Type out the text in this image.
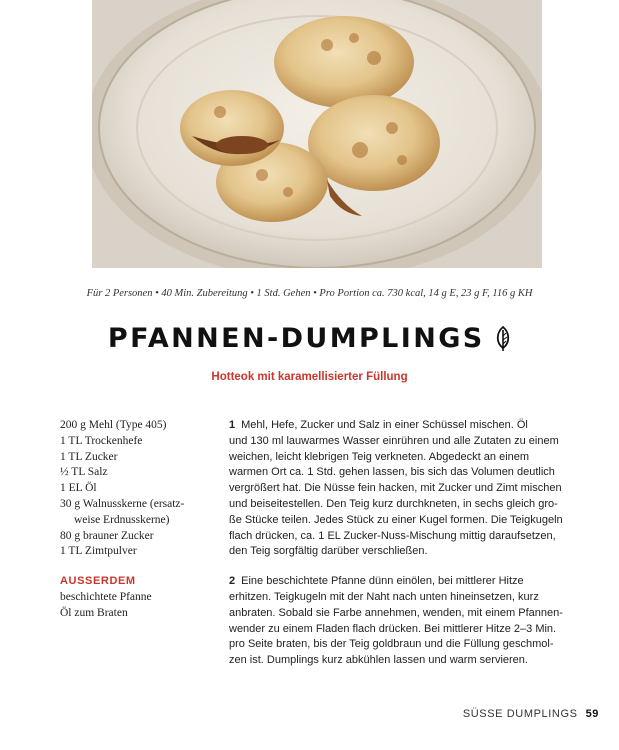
Für 2 Personen • 40 Min. Zubereitung • 1 Std. Gehen • Pro Portion ca. 730 kcal, 14 g E, 23 g F, 116 g KH
PFANNEN-DUMPLINGS
Hotteok mit karamellisierter Füllung
200 g Mehl (Type 405)
1 TL Trockenhefe
1 TL Zucker
½ TL Salz
1 EL Öl
30 g Walnusskerne (ersatz-
weise Erdnusskerne)
80 g brauner Zucker
1 TL Zimtpulver
AUSSERDEM
beschichtete Pfanne
Öl zum Braten
1 Mehl, Hefe, Zucker und Salz in einer Schüssel mischen. Öl
und 130 ml lauwarmes Wasser einrühren und alle Zutaten zu einem
weichen, leicht klebrigen Teig verkneten. Abgedeckt an einem
warmen Ort ca. 1 Std. gehen lassen, bis sich das Volumen deutlich
vergrößert hat. Die Nüsse fein hacken, mit Zucker und Zimt mischen
und beiseitestellen. Den Teig kurz durchkneten, in sechs gleich gro-
ße Stücke teilen. Jedes Stück zu einer Kugel formen. Die Teigkugeln
flach drücken, ca. 1 EL Zucker-Nuss-Mischung mittig daraufsetzen,
den Teig sorgfältig darüber verschließen.
2 Eine beschichtete Pfanne dünn einölen, bei mittlerer Hitze
erhitzen. Teigkugeln mit der Naht nach unten hineinsetzen, kurz
anbraten. Sobald sie Farbe annehmen, wenden, mit einem Pfannen-
wender zu einem Fladen flach drücken. Bei mittlerer Hitze 2–3 Min.
pro Seite braten, bis der Teig goldbraun und die Füllung geschmol-
zen ist. Dumplings kurz abkühlen lassen und warm servieren.
SÜSSE DUMPLINGS 59
